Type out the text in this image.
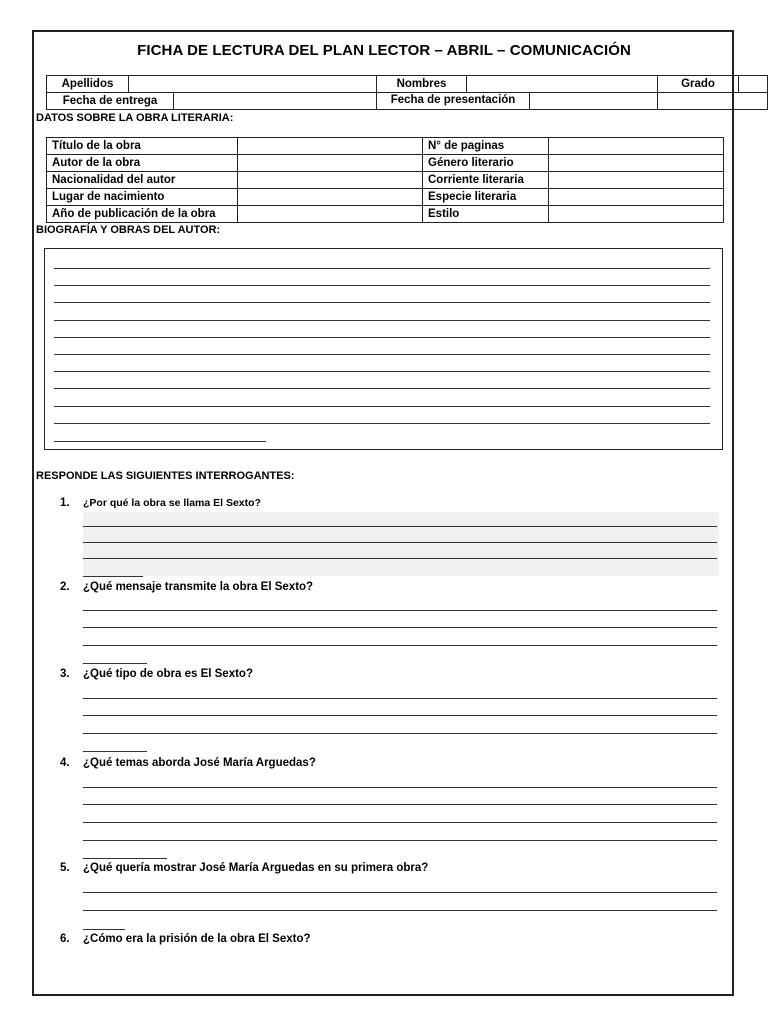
FICHA DE LECTURA DEL PLAN LECTOR – ABRIL – COMUNICACIÓN
Apellidos			Nombres		Grado	
Fecha de entrega			Fecha de presentación			

DATOS SOBRE LA OBRA LITERARIA:
Título de la obra		N° de paginas	
Autor de la obra		Género literario	
Nacionalidad del autor		Corriente literaria	
Lugar de nacimiento		Especie literaria	
Año de publicación de la obra		Estilo	
BIOGRAFÍA Y OBRAS DEL AUTOR:
RESPONDE LAS SIGUIENTES INTERROGANTES:
1. ¿Por qué la obra se llama El Sexto?
2. ¿Qué mensaje transmite la obra El Sexto?
3. ¿Qué tipo de obra es El Sexto?
4. ¿Qué temas aborda José María Arguedas?
5. ¿Qué quería mostrar José María Arguedas en su primera obra?
6. ¿Cómo era la prisión de la obra El Sexto?
